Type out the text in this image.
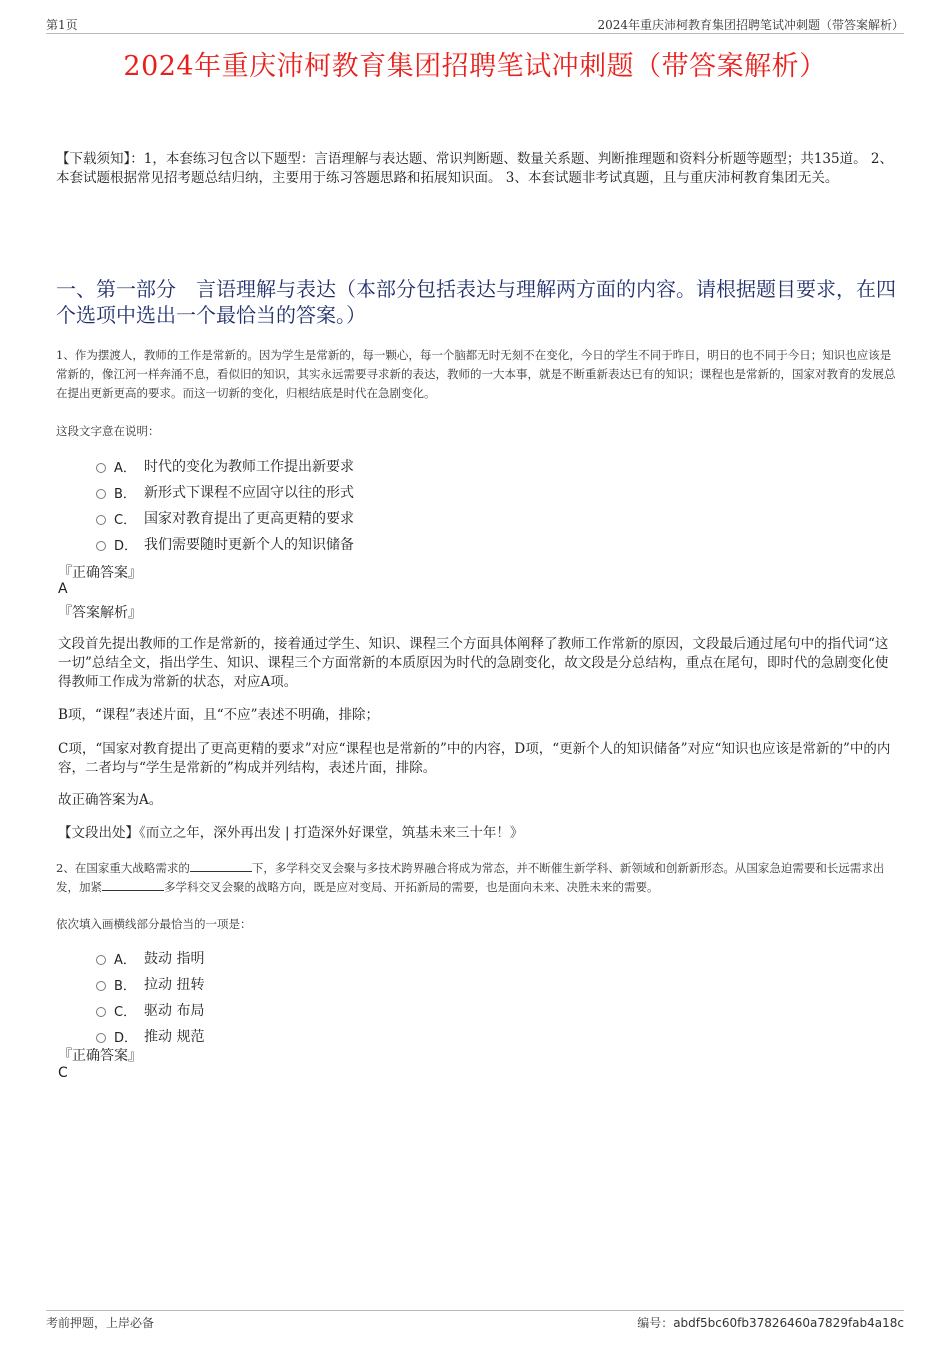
第1页	2024年重庆沛柯教育集团招聘笔试冲刺题（带答案解析）
2024年重庆沛柯教育集团招聘笔试冲刺题（带答案解析）
【下载须知】：1，本套练习包含以下题型：言语理解与表达题、常识判断题、数量关系题、判断推理题和资料分析题等题型；共135道。 2、本套试题根据常见招考题总结归纳，主要用于练习答题思路和拓展知识面。 3、本套试题非考试真题，且与重庆沛柯教育集团无关。
一、第一部分　言语理解与表达（本部分包括表达与理解两方面的内容。请根据题目要求，在四个选项中选出一个最恰当的答案。）
1、作为摆渡人，教师的工作是常新的。因为学生是常新的，每一颗心，每一个脑都无时无刻不在变化，今日的学生不同于昨日，明日的也不同于今日；知识也应该是常新的，像江河一样奔涌不息，看似旧的知识，其实永远需要寻求新的表达，教师的一大本事，就是不断重新表达已有的知识；课程也是常新的，国家对教育的发展总在提出更新更高的要求。而这一切新的变化，归根结底是时代在急剧变化。
这段文字意在说明：
A． 时代的变化为教师工作提出新要求
B． 新形式下课程不应固守以往的形式
C． 国家对教育提出了更高更精的要求
D． 我们需要随时更新个人的知识储备
『正确答案』
A
『答案解析』
文段首先提出教师的工作是常新的，接着通过学生、知识、课程三个方面具体阐释了教师工作常新的原因，文段最后通过尾句中的指代词“这一切”总结全文，指出学生、知识、课程三个方面常新的本质原因为时代的急剧变化，故文段是分总结构，重点在尾句，即时代的急剧变化使得教师工作成为常新的状态，对应A项。
B项，“课程”表述片面，且“不应”表述不明确，排除；
C项，“国家对教育提出了更高更精的要求”对应“课程也是常新的”中的内容，D项，“更新个人的知识储备”对应“知识也应该是常新的”中的内容，二者均与“学生是常新的”构成并列结构，表述片面，排除。
故正确答案为A。
【文段出处】《而立之年，深外再出发 | 打造深外好课堂，筑基未来三十年！》
2、在国家重大战略需求的	下，多学科交叉会聚与多技术跨界融合将成为常态，并不断催生新学科、新领域和创新新形态。从国家急迫需要和长远需求出发，加紧	多学科交叉会聚的战略方向，既是应对变局、开拓新局的需要，也是面向未来、决胜未来的需要。
依次填入画横线部分最恰当的一项是：
A． 鼓动 指明
B． 拉动 扭转
C． 驱动 布局
D． 推动 规范
『正确答案』
C
考前押题，上岸必备	编号：abdf5bc60fb37826460a7829fab4a18c
